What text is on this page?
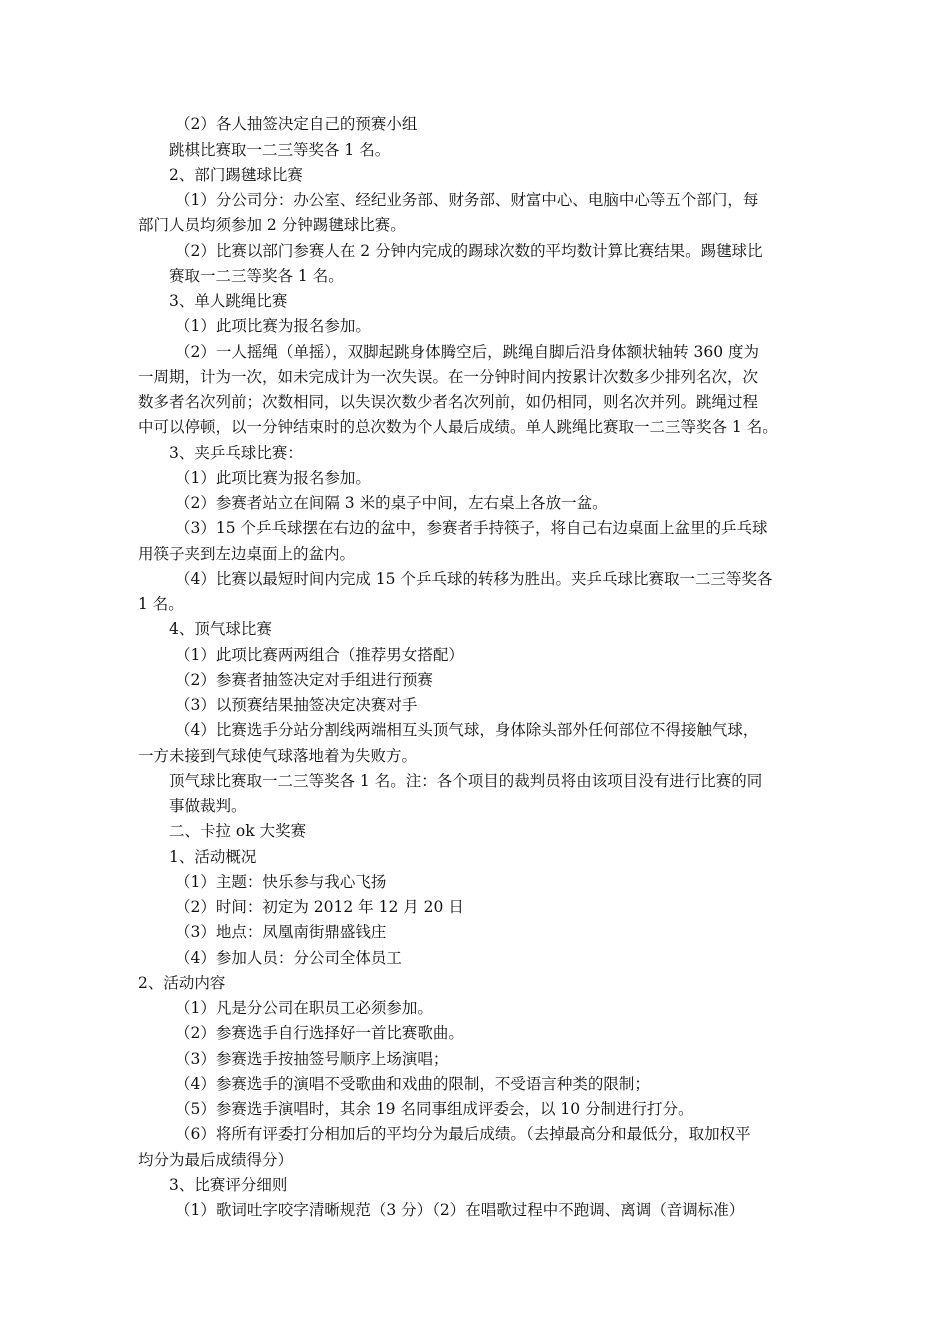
（2）各人抽签决定自己的预赛小组
跳棋比赛取一二三等奖各 1 名。
2、部门踢毽球比赛
（1）分公司分：办公室、经纪业务部、财务部、财富中心、电脑中心等五个部门，每
部门人员均须参加 2 分钟踢毽球比赛。
（2）比赛以部门参赛人在 2 分钟内完成的踢球次数的平均数计算比赛结果。踢毽球比
赛取一二三等奖各 1 名。
3、单人跳绳比赛
（1）此项比赛为报名参加。
（2）一人摇绳（单摇），双脚起跳身体腾空后，跳绳自脚后沿身体额状轴转 360 度为
一周期，计为一次，如未完成计为一次失误。在一分钟时间内按累计次数多少排列名次，次
数多者名次列前；次数相同，以失误次数少者名次列前，如仍相同，则名次并列。跳绳过程
中可以停顿，以一分钟结束时的总次数为个人最后成绩。单人跳绳比赛取一二三等奖各 1 名。
3、夹乒乓球比赛：
（1）此项比赛为报名参加。
（2）参赛者站立在间隔 3 米的桌子中间，左右桌上各放一盆。
（3）15 个乒乓球摆在右边的盆中，参赛者手持筷子，将自己右边桌面上盆里的乒乓球
用筷子夹到左边桌面上的盆内。
（4）比赛以最短时间内完成 15 个乒乓球的转移为胜出。夹乒乓球比赛取一二三等奖各
1 名。
4、顶气球比赛
（1）此项比赛两两组合（推荐男女搭配）
（2）参赛者抽签决定对手组进行预赛
（3）以预赛结果抽签决定决赛对手
（4）比赛选手分站分割线两端相互头顶气球，身体除头部外任何部位不得接触气球，
一方未接到气球使气球落地着为失败方。
顶气球比赛取一二三等奖各 1 名。注：各个项目的裁判员将由该项目没有进行比赛的同
事做裁判。
二、卡拉 ok 大奖赛
1、活动概况
（1）主题：快乐参与我心飞扬
（2）时间：初定为 2012 年 12 月 20 日
（3）地点：凤凰南街鼎盛钱庄
（4）参加人员：分公司全体员工
2、活动内容
（1）凡是分公司在职员工必须参加。
（2）参赛选手自行选择好一首比赛歌曲。
（3）参赛选手按抽签号顺序上场演唱；
（4）参赛选手的演唱不受歌曲和戏曲的限制，不受语言种类的限制；
（5）参赛选手演唱时，其余 19 名同事组成评委会，以 10 分制进行打分。
（6）将所有评委打分相加后的平均分为最后成绩。（去掉最高分和最低分，取加权平
均分为最后成绩得分）
3、比赛评分细则
（1）歌词吐字咬字清晰规范（3 分）（2）在唱歌过程中不跑调、离调（音调标准）
